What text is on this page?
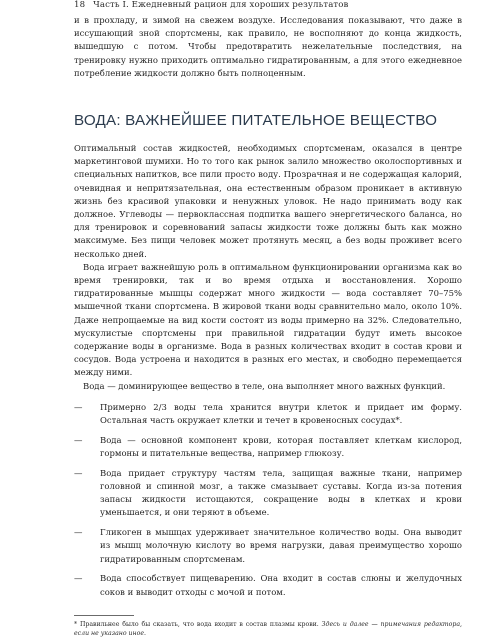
18 Часть I. Ежедневный рацион для хороших результатов

и в прохладу, и зимой на свежем воздухе. Исследования показывают, что даже в иссушающий зной спортсмены, как правило, не восполняют до конца жидкость, вышедшую с потом. Чтобы предотвратить нежелательные последствия, на тренировку нужно приходить оптимально гидратированным, а для этого ежедневное потребление жидкости должно быть полноценным.

ВОДА: ВАЖНЕЙШЕЕ ПИТАТЕЛЬНОЕ ВЕЩЕСТВО

Оптимальный состав жидкостей, необходимых спортсменам, оказался в центре маркетинговой шумихи. Но то того как рынок залило множество околоспортивных и специальных напитков, все пили просто воду. Прозрачная и не содержащая калорий, очевидная и непритязательная, она естественным образом проникает в активную жизнь без красивой упаковки и ненужных уловок. Не надо принимать воду как должное. Углеводы — первоклассная подпитка вашего энергетического баланса, но для тренировок и соревнований запасы жидкости тоже должны быть как можно максимуме. Без пищи человек может протянуть месяц, а без воды проживет всего несколько дней.

Вода играет важнейшую роль в оптимальном функционировании организма как во время тренировки, так и во время отдыха и восстановления. Хорошо гидратированные мышцы содержат много жидкости — вода составляет 70–75% мышечной ткани спортсмена. В жировой ткани воды сравнительно мало, около 10%. Даже непрощаемые на вид кости состоят из воды примерно на 32%. Следовательно, мускулистые спортсмены при правильной гидратации будут иметь высокое содержание воды в организме. Вода в разных количествах входит в состав крови и сосудов. Вода устроена и находится в разных его местах, и свободно перемещается между ними.

Вода — доминирующее вещество в теле, она выполняет много важных функций.

— Примерно 2/3 воды тела хранится внутри клеток и придает им форму. Остальная часть окружает клетки и течет в кровеносных сосудах*.
— Вода — основной компонент крови, которая поставляет клеткам кислород, гормоны и питательные вещества, например глюкозу.
— Вода придает структуру частям тела, защищая важные ткани, например головной и спинной мозг, а также смазывает суставы. Когда из-за потения запасы жидкости истощаются, сокращение воды в клетках и крови уменьшается, и они теряют в объеме.
— Гликоген в мышцах удерживает значительное количество воды. Она выводит из мышц молочную кислоту во время нагрузки, давая преимущество хорошо гидратированным спортсменам.
— Вода способствует пищеварению. Она входит в состав слюны и желудочных соков и выводит отходы с мочой и потом.

* Правильнее было бы сказать, что вода входит в состав плазмы крови. Здесь и далее — примечания редактора, если не указано иное.
